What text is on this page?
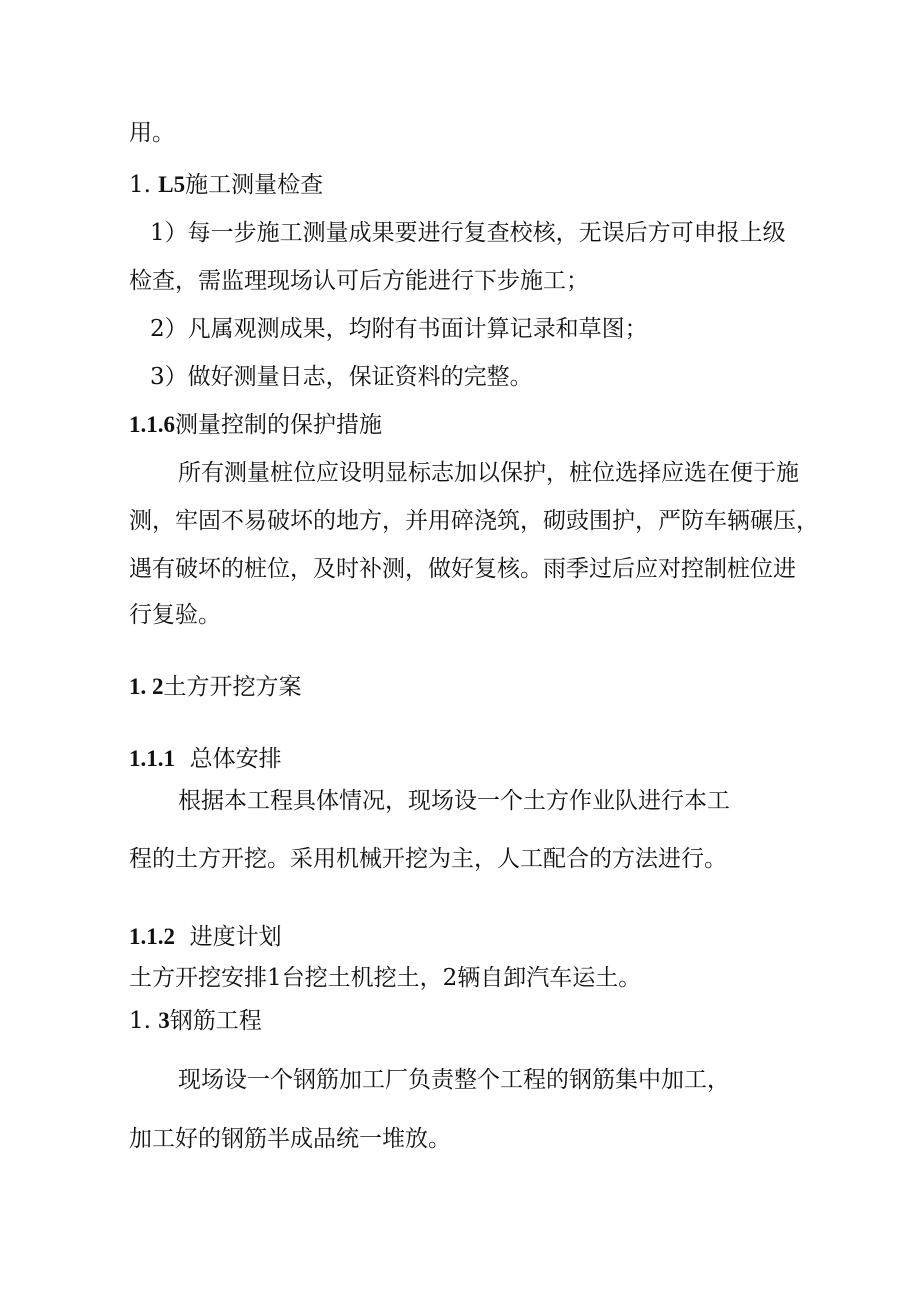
用。

1. L5施工测量检查

1）每一步施工测量成果要进行复查校核，无误后方可申报上级

检查，需监理现场认可后方能进行下步施工；

2）凡属观测成果，均附有书面计算记录和草图；

3）做好测量日志，保证资料的完整。

1.1.6测量控制的保护措施

所有测量桩位应设明显标志加以保护，桩位选择应选在便于施

测，牢固不易破坏的地方，并用碎浇筑，砌豉围护，严防车辆碾压，

遇有破坏的桩位，及时补测，做好复核。雨季过后应对控制桩位进

行复验。

1. 2土方开挖方案

1.1.1 总体安排

根据本工程具体情况，现场设一个土方作业队进行本工

程的土方开挖。采用机械开挖为主，人工配合的方法进行。

1.1.2 进度计划

土方开挖安排1台挖土机挖土，2辆自卸汽车运土。

1. 3钢筋工程

现场设一个钢筋加工厂负责整个工程的钢筋集中加工，

加工好的钢筋半成品统一堆放。
